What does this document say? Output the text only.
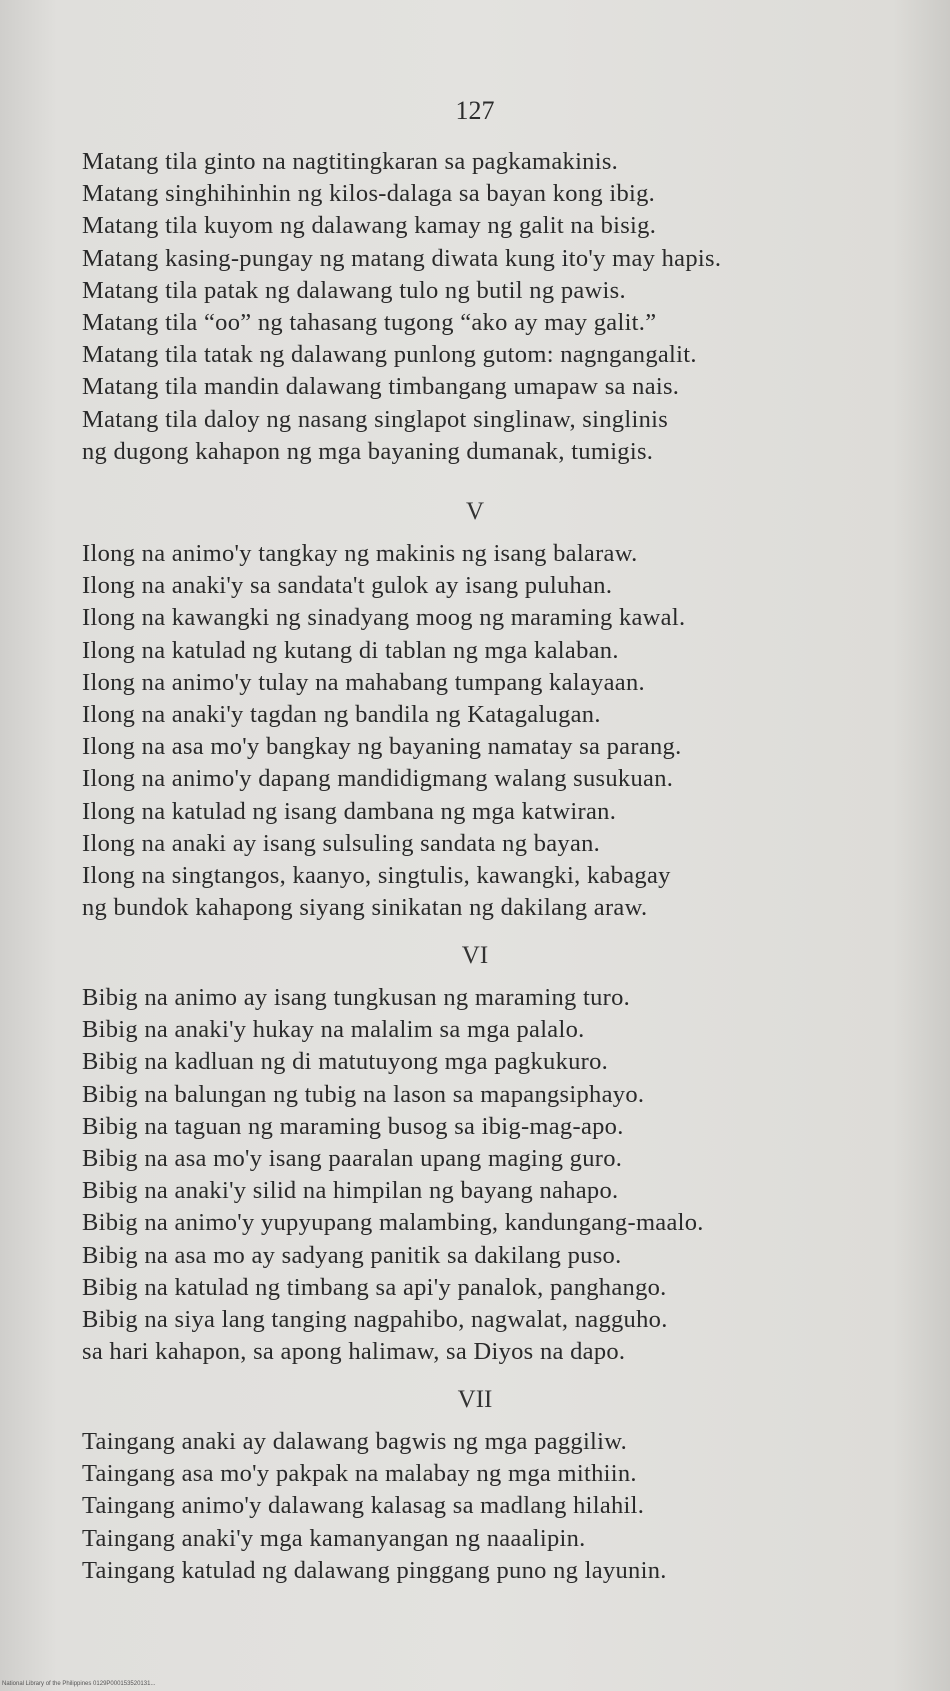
127
Matang tila ginto na nagtitingkaran sa pagkamakinis.
Matang singhihinhin ng kilos-dalaga sa bayan kong ibig.
Matang tila kuyom ng dalawang kamay ng galit na bisig.
Matang kasing-pungay ng matang diwata kung ito'y may hapis.
Matang tila patak ng dalawang tulo ng butil ng pawis.
Matang tila “oo” ng tahasang tugong “ako ay may galit.”
Matang tila tatak ng dalawang punlong gutom: nagngangalit.
Matang tila mandin dalawang timbangang umapaw sa nais.
Matang tila daloy ng nasang singlapot singlinaw, singlinis
ng dugong kahapon ng mga bayaning dumanak, tumigis.
V
Ilong na animo'y tangkay ng makinis ng isang balaraw.
Ilong na anaki'y sa sandata't gulok ay isang puluhan.
Ilong na kawangki ng sinadyang moog ng maraming kawal.
Ilong na katulad ng kutang di tablan ng mga kalaban.
Ilong na animo'y tulay na mahabang tumpang kalayaan.
Ilong na anaki'y tagdan ng bandila ng Katagalugan.
Ilong na asa mo'y bangkay ng bayaning namatay sa parang.
Ilong na animo'y dapang mandidigmang walang susukuan.
Ilong na katulad ng isang dambana ng mga katwiran.
Ilong na anaki ay isang sulsuling sandata ng bayan.
Ilong na singtangos, kaanyo, singtulis, kawangki, kabagay
ng bundok kahapong siyang sinikatan ng dakilang araw.
VI
Bibig na animo ay isang tungkusan ng maraming turo.
Bibig na anaki'y hukay na malalim sa mga palalo.
Bibig na kadluan ng di matutuyong mga pagkukuro.
Bibig na balungan ng tubig na lason sa mapangsiphayo.
Bibig na taguan ng maraming busog sa ibig-mag-apo.
Bibig na asa mo'y isang paaralan upang maging guro.
Bibig na anaki'y silid na himpilan ng bayang nahapo.
Bibig na animo'y yupyupang malambing, kandungang-maalo.
Bibig na asa mo ay sadyang panitik sa dakilang puso.
Bibig na katulad ng timbang sa api'y panalok, panghango.
Bibig na siya lang tanging nagpahibo, nagwalat, nagguho.
sa hari kahapon, sa apong halimaw, sa Diyos na dapo.
VII
Taingang anaki ay dalawang bagwis ng mga paggiliw.
Taingang asa mo'y pakpak na malabay ng mga mithiin.
Taingang animo'y dalawang kalasag sa madlang hilahil.
Taingang anaki'y mga kamanyangan ng naaalipin.
Taingang katulad ng dalawang pinggang puno ng layunin.
National Library of the Philippines 0129P000153520131...
